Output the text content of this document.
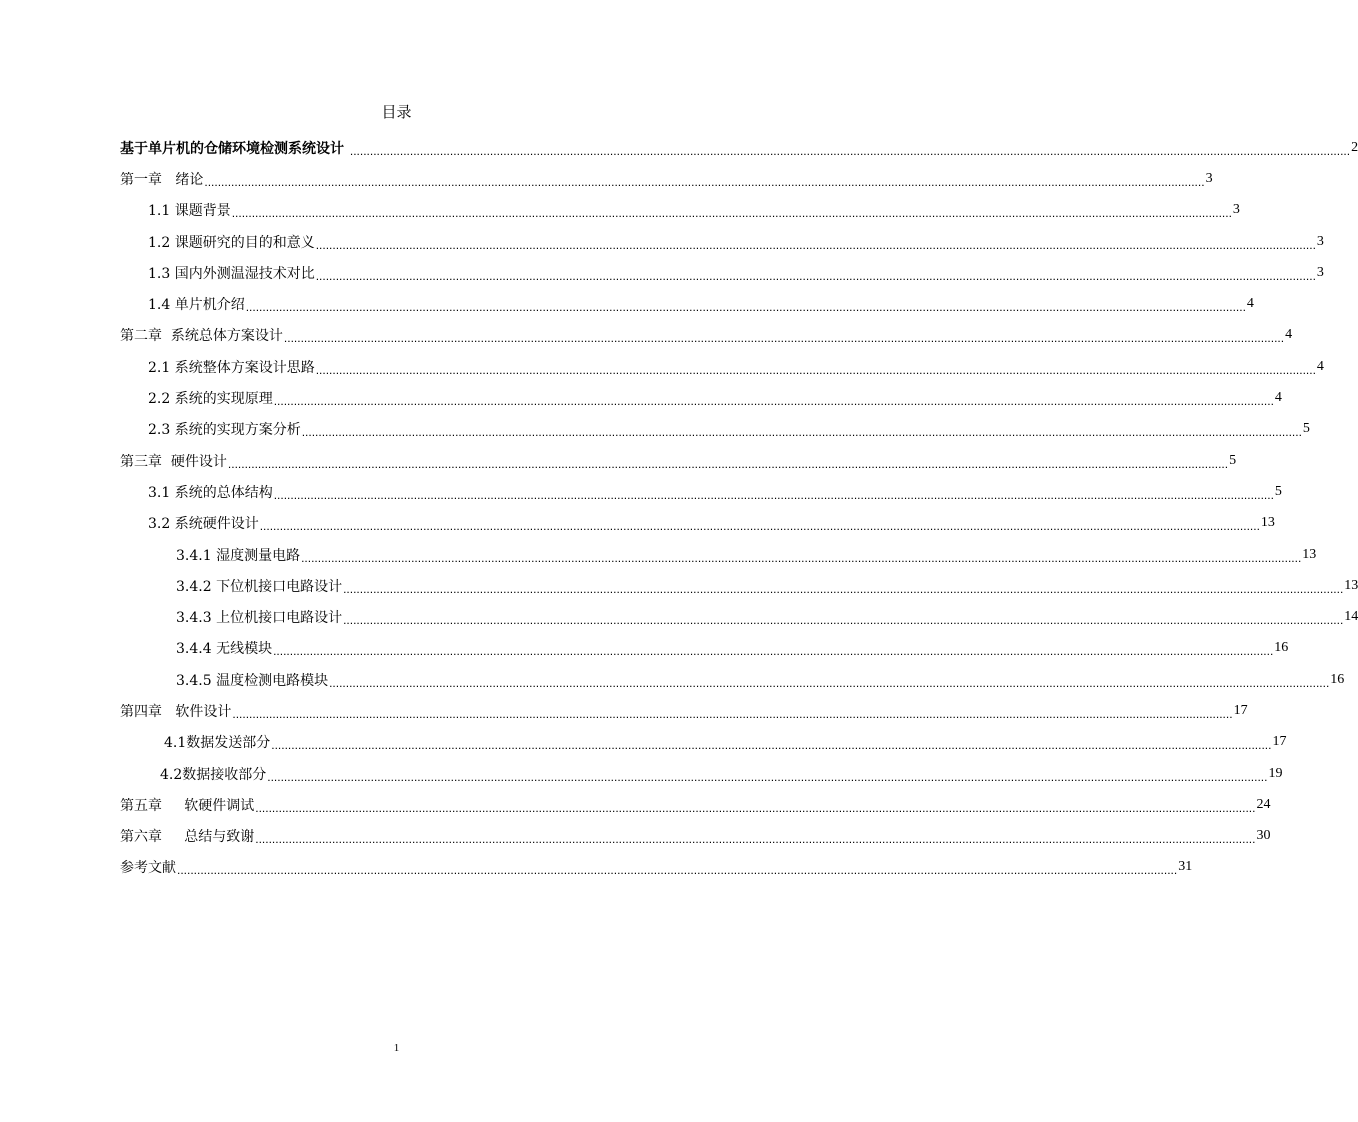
目录
基于单片机的仓储环境检测系统设计 ............................................................................................................................................................................................................................................................................................................ 2
第一章   绪论 ............................................................................................................................................................................................................................................................................................................ 3
1.1 课题背景 ............................................................................................................................................................................................................................................................................................................ 3
1.2 课题研究的目的和意义 ............................................................................................................................................................................................................................................................................................................ 3
1.3 国内外测温湿技术对比 ............................................................................................................................................................................................................................................................................................................ 3
1.4 单片机介绍 ............................................................................................................................................................................................................................................................................................................ 4
第二章  系统总体方案设计 ............................................................................................................................................................................................................................................................................................................ 4
2.1 系统整体方案设计思路 ............................................................................................................................................................................................................................................................................................................ 4
2.2 系统的实现原理 ............................................................................................................................................................................................................................................................................................................ 4
2.3 系统的实现方案分析 ............................................................................................................................................................................................................................................................................................................ 5
第三章  硬件设计 ............................................................................................................................................................................................................................................................................................................ 5
3.1 系统的总体结构 ............................................................................................................................................................................................................................................................................................................ 5
3.2 系统硬件设计 ............................................................................................................................................................................................................................................................................................................ 13
3.4.1 湿度测量电路 ............................................................................................................................................................................................................................................................................................................ 13
3.4.2 下位机接口电路设计 ............................................................................................................................................................................................................................................................................................................ 13
3.4.3 上位机接口电路设计 ............................................................................................................................................................................................................................................................................................................ 14
3.4.4 无线模块 ............................................................................................................................................................................................................................................................................................................ 16
3.4.5 温度检测电路模块 ............................................................................................................................................................................................................................................................................................................ 16
第四章   软件设计 ............................................................................................................................................................................................................................................................................................................ 17
4.1数据发送部分 ............................................................................................................................................................................................................................................................................................................ 17
4.2数据接收部分 ............................................................................................................................................................................................................................................................................................................ 19
第五章     软硬件调试 ............................................................................................................................................................................................................................................................................................................ 24
第六章     总结与致谢 ............................................................................................................................................................................................................................................................................................................ 30
参考文献 ............................................................................................................................................................................................................................................................................................................ 31
1
